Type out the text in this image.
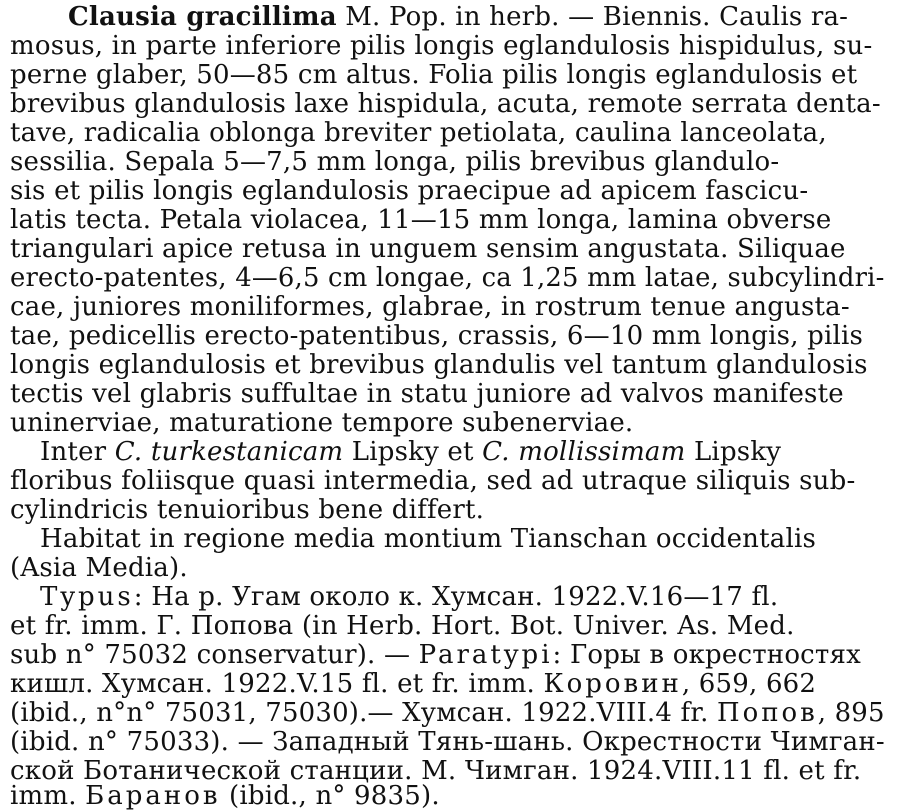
Clausia gracillima M. Pop. in herb. — Biennis. Caulis ra-
mosus, in parte inferiore pilis longis eglandulosis hispidulus, su-
perne glaber, 50—85 cm altus. Folia pilis longis eglandulosis et
brevibus glandulosis laxe hispidula, acuta, remote serrata denta-
tave, radicalia oblonga breviter petiolata, caulina lanceolata,
sessilia. Sepala 5—7,5 mm longa, pilis brevibus glandulo-
sis et pilis longis eglandulosis praecipue ad apicem fascicu-
latis tecta. Petala violacea, 11—15 mm longa, lamina obverse
triangulari apice retusa in unguem sensim angustata. Siliquae
erecto-patentes, 4—6,5 cm longae, ca 1,25 mm latae, subcylindri-
cae, juniores moniliformes, glabrae, in rostrum tenue angusta-
tae, pedicellis erecto-patentibus, crassis, 6—10 mm longis, pilis
longis eglandulosis et brevibus glandulis vel tantum glandulosis
tectis vel glabris suffultae in statu juniore ad valvos manifeste
uninerviae, maturatione tempore subenerviae.
Inter C. turkestanicam Lipsky et C. mollissimam Lipsky
floribus foliisque quasi intermedia, sed ad utraque siliquis sub-
cylindricis tenuioribus bene differt.
Habitat in regione media montium Tianschan occidentalis
(Asia Media).
Typus: На р. Угам около к. Хумсан. 1922.V.16—17 fl.
et fr. imm. Г. Попова (in Herb. Hort. Bot. Univer. As. Med.
sub n° 75032 conservatur). — Paratypi: Горы в окрестностях
кишл. Хумсан. 1922.V.15 fl. et fr. imm. Коровин, 659, 662
(ibid., n°n° 75031, 75030).— Хумсан. 1922.VIII.4 fr. Попов, 895
(ibid. n° 75033). — Западный Тянь-шань. Окрестности Чимган-
ской Ботанической станции. М. Чимган. 1924.VIII.11 fl. et fr.
imm. Баранов (ibid., n° 9835).
